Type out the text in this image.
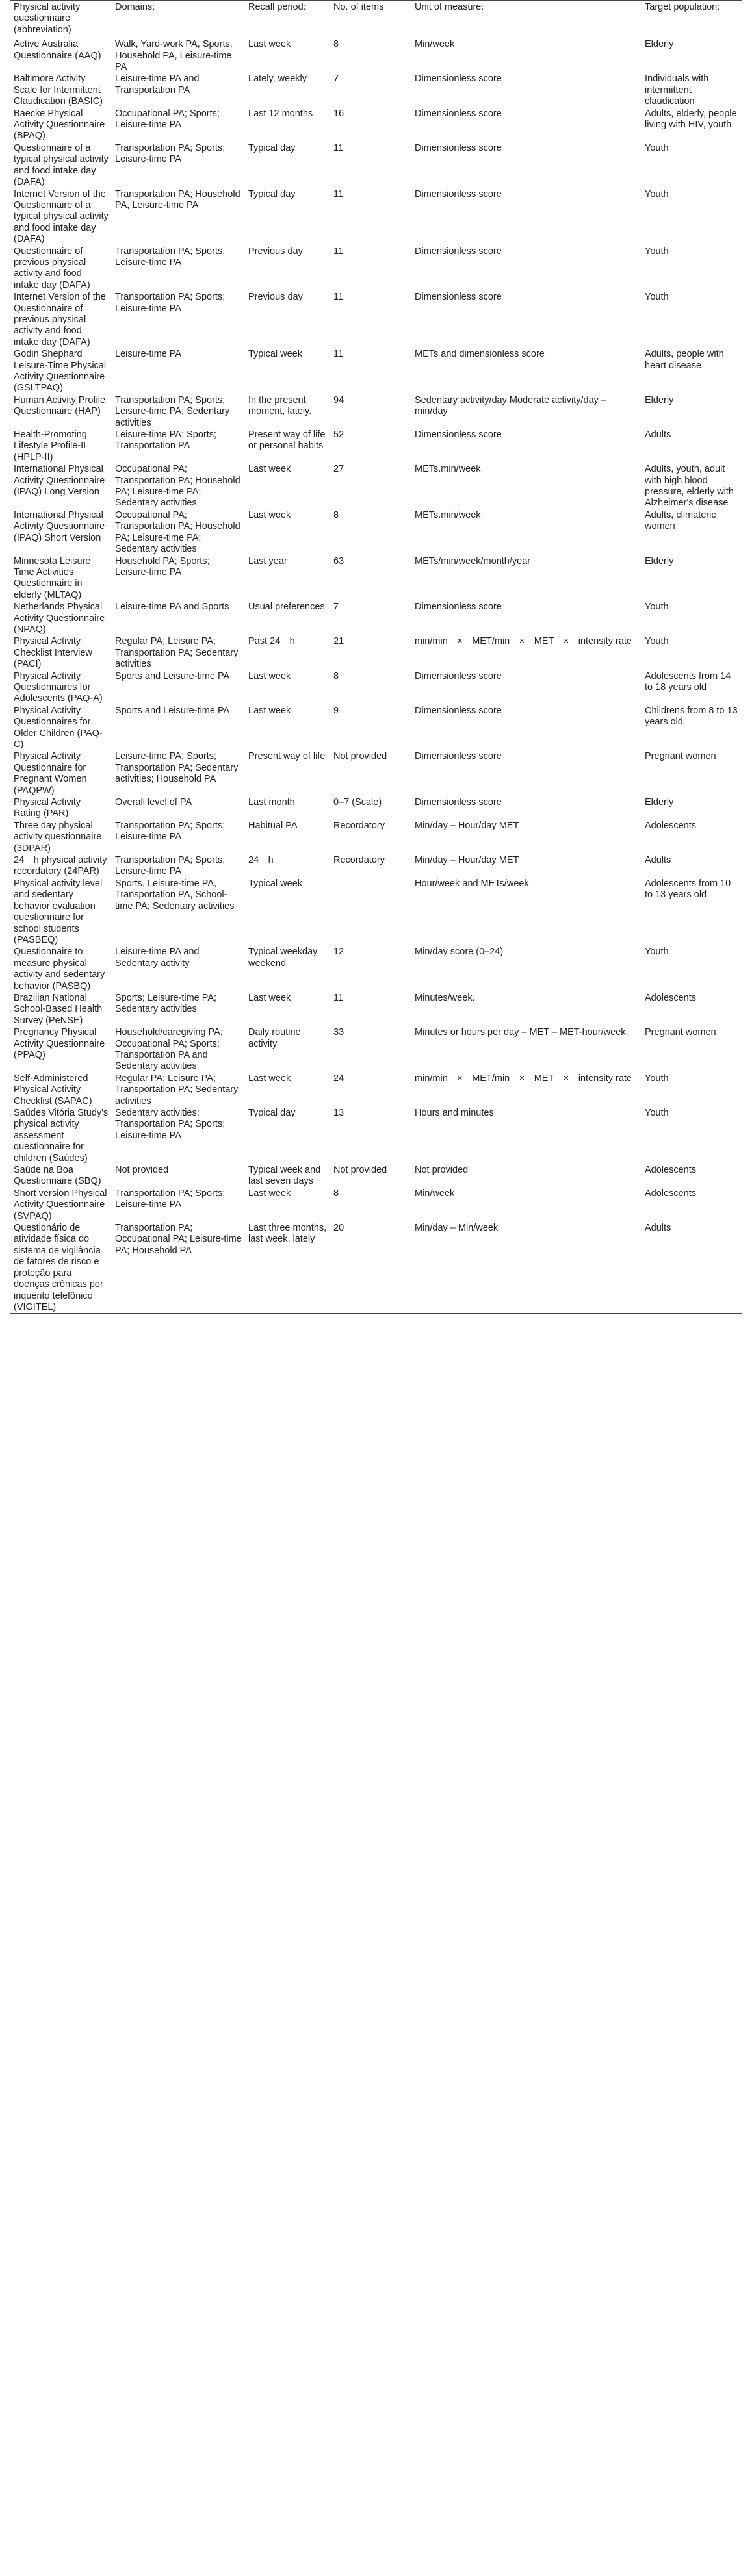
Physical activity questionnaire (abbreviation)	Domains:	Recall period:	No. of items	Unit of measure:	Target population:
Active Australia Questionnaire (AAQ)	Walk, Yard-work PA, Sports, Household PA, Leisure-time PA	Last week	8	Min/week	Elderly
Baltimore Activity Scale for Intermittent Claudication (BASIC)	Leisure-time PA and Transportation PA	Lately, weekly	7	Dimensionless score	Individuals with intermittent claudication
Baecke Physical Activity Questionnaire (BPAQ)	Occupational PA; Sports; Leisure-time PA	Last 12 months	16	Dimensionless score	Adults, elderly, people living with HIV, youth
Questionnaire of a typical physical activity and food intake day (DAFA)	Transportation PA; Sports; Leisure-time PA	Typical day	11	Dimensionless score	Youth
Internet Version of the Questionnaire of a typical physical activity and food intake day (DAFA)	Transportation PA; Household PA, Leisure-time PA	Typical day	11	Dimensionless score	Youth
Questionnaire of previous physical activity and food intake day (DAFA)	Transportation PA; Sports, Leisure-time PA	Previous day	11	Dimensionless score	Youth
Internet Version of the Questionnaire of previous physical activity and food intake day (DAFA)	Transportation PA; Sports; Leisure-time PA	Previous day	11	Dimensionless score	Youth
Godin Shephard Leisure-Time Physical Activity Questionnaire (GSLTPAQ)	Leisure-time PA	Typical week	11	METs and dimensionless score	Adults, people with heart disease
Human Activity Profile Questionnaire (HAP)	Transportation PA; Sports; Leisure-time PA; Sedentary activities	In the present moment, lately.	94	Sedentary activity/day Moderate activity/day – min/day	Elderly
Health-Promoting Lifestyle Profile-II (HPLP-II)	Leisure-time PA; Sports; Transportation PA	Present way of life or personal habits	52	Dimensionless score	Adults
International Physical Activity Questionnaire (IPAQ) Long Version	Occupational PA; Transportation PA; Household PA; Leisure-time PA; Sedentary activities	Last week	27	METs.min/week	Adults, youth, adult with high blood pressure, elderly with Alzheimer's disease
International Physical Activity Questionnaire (IPAQ) Short Version	Occupational PA; Transportation PA; Household PA; Leisure-time PA; Sedentary activities	Last week	8	METs.min/week	Adults, climateric women
Minnesota Leisure Time Activities Questionnaire in elderly (MLTAQ)	Household PA; Sports; Leisure-time PA	Last year	63	METs/min/week/month/year	Elderly
Netherlands Physical Activity Questionnaire (NPAQ)	Leisure-time PA and Sports	Usual preferences	7	Dimensionless score	Youth
Physical Activity Checklist Interview (PACI)	Regular PA; Leisure PA; Transportation PA; Sedentary activities	Past 24 h	21	min/min × MET/min × MET × intensity rate	Youth
Physical Activity Questionnaires for Adolescents (PAQ-A)	Sports and Leisure-time PA	Last week	8	Dimensionless score	Adolescents from 14 to 18 years old
Physical Activity Questionnaires for Older Children (PAQ-C)	Sports and Leisure-time PA	Last week	9	Dimensionless score	Childrens from 8 to 13 years old
Physical Activity Questionnaire for Pregnant Women (PAQPW)	Leisure-time PA; Sports; Transportation PA; Sedentary activities; Household PA	Present way of life	Not provided	Dimensionless score	Pregnant women
Physical Activity Rating (PAR)	Overall level of PA	Last month	0–7 (Scale)	Dimensionless score	Elderly
Three day physical activity questionnaire (3DPAR)	Transportation PA; Sports; Leisure-time PA	Habitual PA	Recordatory	Min/day – Hour/day MET	Adolescents
24 h physical activity recordatory (24PAR)	Transportation PA; Sports; Leisure-time PA	24 h	Recordatory	Min/day – Hour/day MET	Adults
Physical activity level and sedentary behavior evaluation questionnaire for school students (PASBEQ)	Sports, Leisure-time PA, Transportation PA, School-time PA; Sedentary activities	Typical week		Hour/week and METs/week	Adolescents from 10 to 13 years old
Questionnaire to measure physical activity and sedentary behavior (PASBQ)	Leisure-time PA and Sedentary activity	Typical weekday, weekend	12	Min/day score (0–24)	Youth
Brazilian National School-Based Health Survey (PeNSE)	Sports; Leisure-time PA; Sedentary activities	Last week	11	Minutes/week.	Adolescents
Pregnancy Physical Activity Questionnaire (PPAQ)	Household/caregiving PA; Occupational PA; Sports; Transportation PA and Sedentary activities	Daily routine activity	33	Minutes or hours per day – MET – MET-hour/week.	Pregnant women
Self-Administered Physical Activity Checklist (SAPAC)	Regular PA; Leisure PA; Transportation PA; Sedentary activities	Last week	24	min/min × MET/min × MET × intensity rate	Youth
Saúdes Vitória Study's physical activity assessment questionnaire for children (Saúdes)	Sedentary activities; Transportation PA; Sports; Leisure-time PA	Typical day	13	Hours and minutes	Youth
Saúde na Boa Questionnaire (SBQ)	Not provided	Typical week and last seven days	Not provided	Not provided	Adolescents
Short version Physical Activity Questionnaire (SVPAQ)	Transportation PA; Sports; Leisure-time PA	Last week	8	Min/week	Adolescents
Questionário de atividade física do sistema de vigilância de fatores de risco e proteção para doenças crônicas por inquérito telefônico (VIGITEL)	Transportation PA; Occupational PA; Leisure-time PA; Household PA	Last three months, last week, lately	20	Min/day – Min/week	Adults
